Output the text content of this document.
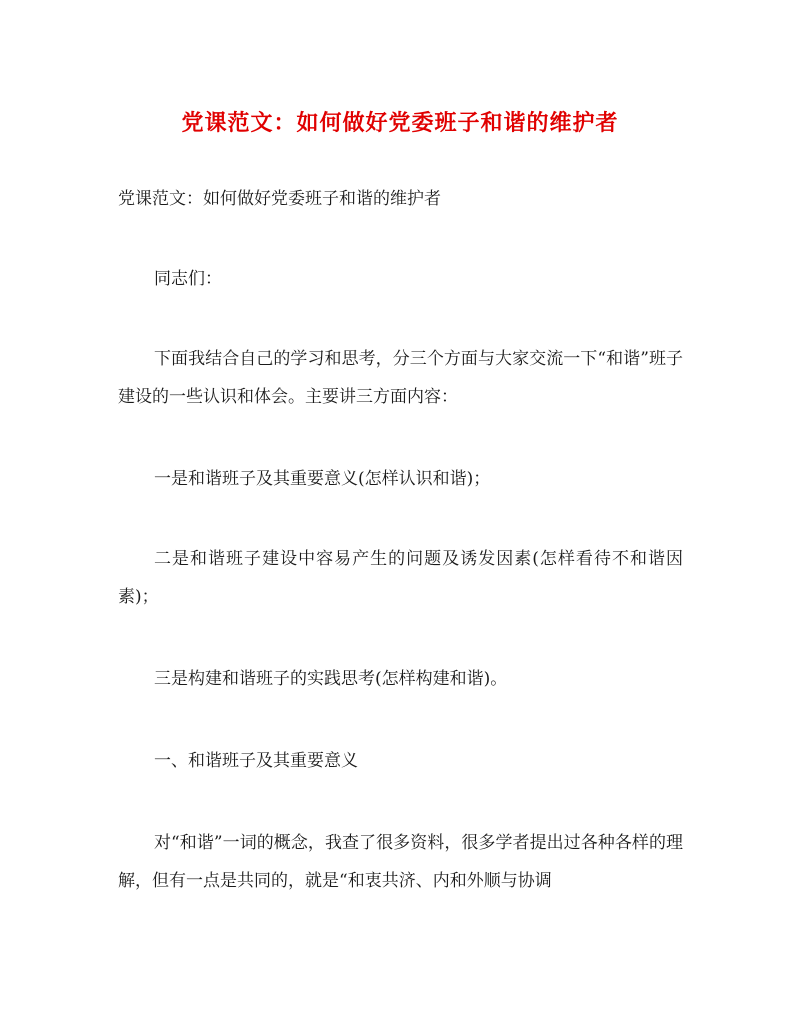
党课范文：如何做好党委班子和谐的维护者

党课范文：如何做好党委班子和谐的维护者

同志们：

下面我结合自己的学习和思考，分三个方面与大家交流一下“和谐”班子建设的一些认识和体会。主要讲三方面内容：

一是和谐班子及其重要意义(怎样认识和谐)；

二是和谐班子建设中容易产生的问题及诱发因素(怎样看待不和谐因素)；

三是构建和谐班子的实践思考(怎样构建和谐)。

一、和谐班子及其重要意义

对“和谐”一词的概念，我查了很多资料，很多学者提出过各种各样的理解，但有一点是共同的，就是“和衷共济、内和外顺与协调
